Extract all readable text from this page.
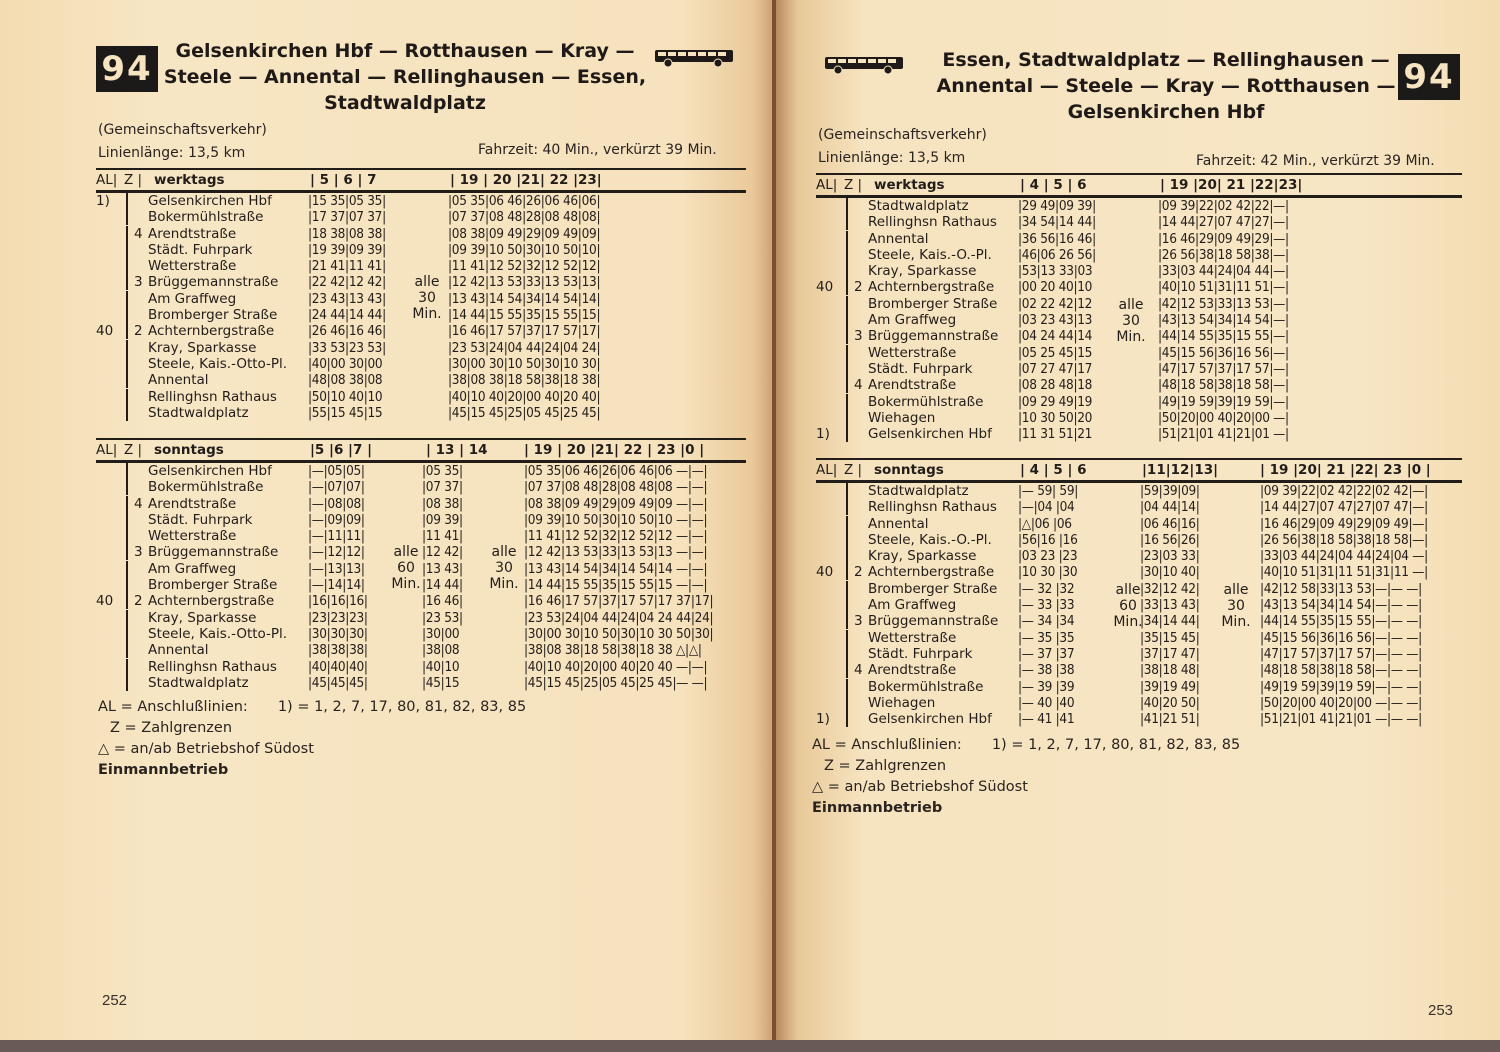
94	Gelsenkirchen Hbf — Rotthausen — Kray —
Steele — Annental — Rellinghausen — Essen,
Stadtwaldplatz
(Gemeinschaftsverkehr)
Linienlänge: 13,5 km	Fahrzeit: 40 Min., verkürzt 39 Min.
AL| Z | werktags	| 5 | 6 | 7	| 19 | 20 |21| 22 |23|
1)	Gelsenkirchen Hbf	|15 35|05 35|	|05 35|06 46|26|06 46|06|
Bokermühlstraße	|17 37|07 37|	|07 37|08 48|28|08 48|08|
4 Arendtstraße	|18 38|08 38|	|08 38|09 49|29|09 49|09|
Städt. Fuhrpark	|19 39|09 39|	|09 39|10 50|30|10 50|10|
Wetterstraße	|21 41|11 41|	|11 41|12 52|32|12 52|12|
3 Brüggemannstraße |22 42|12 42|	|12 42|13 53|33|13 53|13|
Am Graffweg	|23 43|13 43|	|13 43|14 54|34|14 54|14|
Bromberger Straße |24 44|14 44|	|14 44|15 55|35|15 55|15|
40	2 Achternbergstraße	|26 46|16 46|	|16 46|17 57|37|17 57|17|
Kray, Sparkasse	|33 53|23 53|	|23 53|24|04 44|24|04 24|
Steele, Kais.-Otto-Pl. |40|00 30|00	|30|00 30|10 50|30|10 30|
Annental	|48|08 38|08	|38|08 38|18 58|38|18 38|
Rellinghsn Rathaus |50|10 40|10	|40|10 40|20|00 40|20 40|
Stadtwaldplatz	|55|15 45|15	|45|15 45|25|05 45|25 45|
alle
30
Min.
AL| Z | sonntags	|5 |6 |7 |	| 13 | 14	| 19 | 20 |21| 22 | 23 |0 |
Gelsenkirchen Hbf	|—|05|05|	|05 35|	|05 35|06 46|26|06 46|06 —|—|
Bokermühlstraße	|—|07|07|	|07 37|	|07 37|08 48|28|08 48|08 —|—|
4 Arendtstraße	|—|08|08|	|08 38|	|08 38|09 49|29|09 49|09 —|—|
Städt. Fuhrpark	|—|09|09|	|09 39|	|09 39|10 50|30|10 50|10 —|—|
Wetterstraße	|—|11|11|	|11 41|	|11 41|12 52|32|12 52|12 —|—|
3 Brüggemannstraße |—|12|12|	|12 42|	|12 42|13 53|33|13 53|13 —|—|
Am Graffweg	|—|13|13|	|13 43|	|13 43|14 54|34|14 54|14 —|—|
Bromberger Straße |—|14|14|	|14 44|	|14 44|15 55|35|15 55|15 —|—|
40	2 Achternbergstraße	|16|16|16|	|16 46|	|16 46|17 57|37|17 57|17 37|17|
Kray, Sparkasse	|23|23|23|	|23 53|	|23 53|24|04 44|24|04 24 44|24|
Steele, Kais.-Otto-Pl. |30|30|30|	|30|00	|30|00 30|10 50|30|10 30 50|30|
Annental	|38|38|38|	|38|08	|38|08 38|18 58|38|18 38 △|△|
Rellinghsn Rathaus |40|40|40|	|40|10	|40|10 40|20|00 40|20 40 —|—|
Stadtwaldplatz	|45|45|45|	|45|15	|45|15 45|25|05 45|25 45|— —|
alle
60
Min.
alle
30
Min.
AL = Anschlußlinien: 1) = 1, 2, 7, 17, 80, 81, 82, 83, 85
Z = Zahlgrenzen
△ = an/ab Betriebshof Südost
Einmannbetrieb
252
Essen, Stadtwaldplatz — Rellinghausen —
Annental — Steele — Kray — Rotthausen —
Gelsenkirchen Hbf
94
(Gemeinschaftsverkehr)
Linienlänge: 13,5 km	Fahrzeit: 42 Min., verkürzt 39 Min.
AL| Z | werktags	| 4 | 5 | 6	| 19 |20| 21 |22|23|
Stadtwaldplatz	|29 49|09 39|	|09 39|22|02 42|22|—|
Rellinghsn Rathaus |34 54|14 44|	|14 44|27|07 47|27|—|
Annental	|36 56|16 46|	|16 46|29|09 49|29|—|
Steele, Kais.-O.-Pl. |46|06 26 56|	|26 56|38|18 58|38|—|
Kray, Sparkasse	|53|13 33|03	|33|03 44|24|04 44|—|
40	2 Achternbergstraße |00 20 40|10	|40|10 51|31|11 51|—|
Bromberger Straße |02 22 42|12	|42|12 53|33|13 53|—|
Am Graffweg	|03 23 43|13	|43|13 54|34|14 54|—|
3 Brüggemannstraße |04 24 44|14	|44|14 55|35|15 55|—|
Wetterstraße	|05 25 45|15	|45|15 56|36|16 56|—|
Städt. Fuhrpark	|07 27 47|17	|47|17 57|37|17 57|—|
4 Arendtstraße	|08 28 48|18	|48|18 58|38|18 58|—|
Bokermühlstraße	|09 29 49|19	|49|19 59|39|19 59|—|
Wiehagen	|10 30 50|20	|50|20|00 40|20|00 —|
1)	Gelsenkirchen Hbf |11 31 51|21	|51|21|01 41|21|01 —|
alle
30
Min.
AL| Z | sonntags	| 4 | 5 | 6	|11|12|13|	| 19 |20| 21 |22| 23 |0 |
Stadtwaldplatz	|— 59| 59|	|59|39|09|	|09 39|22|02 42|22|02 42|—|
Rellinghsn Rathaus |—|04 |04	|04 44|14|	|14 44|27|07 47|27|07 47|—|
Annental	|△|06 |06	|06 46|16|	|16 46|29|09 49|29|09 49|—|
Steele, Kais.-O.-Pl. |56|16 |16	|16 56|26|	|26 56|38|18 58|38|18 58|—|
Kray, Sparkasse	|03 23 |23	|23|03 33|	|33|03 44|24|04 44|24|04 —|
40	2 Achternbergstraße |10 30 |30	|30|10 40|	|40|10 51|31|11 51|31|11 —|
Bromberger Straße |— 32 |32	|32|12 42|	|42|12 58|33|13 53|—|— —|
Am Graffweg	|— 33 |33	|33|13 43|	|43|13 54|34|14 54|—|— —|
3 Brüggemannstraße |— 34 |34	|34|14 44|	|44|14 55|35|15 55|—|— —|
Wetterstraße	|— 35 |35	|35|15 45|	|45|15 56|36|16 56|—|— —|
Städt. Fuhrpark	|— 37 |37	|37|17 47|	|47|17 57|37|17 57|—|— —|
4 Arendtstraße	|— 38 |38	|38|18 48|	|48|18 58|38|18 58|—|— —|
Bokermühlstraße	|— 39 |39	|39|19 49|	|49|19 59|39|19 59|—|— —|
Wiehagen	|— 40 |40	|40|20 50|	|50|20|00 40|20|00 —|— —|
1)	Gelsenkirchen Hbf |— 41 |41	|41|21 51|	|51|21|01 41|21|01 —|— —|
alle
60
Min.
alle
30
Min.
AL = Anschlußlinien: 1) = 1, 2, 7, 17, 80, 81, 82, 83, 85
Z = Zahlgrenzen
△ = an/ab Betriebshof Südost
Einmannbetrieb
253
